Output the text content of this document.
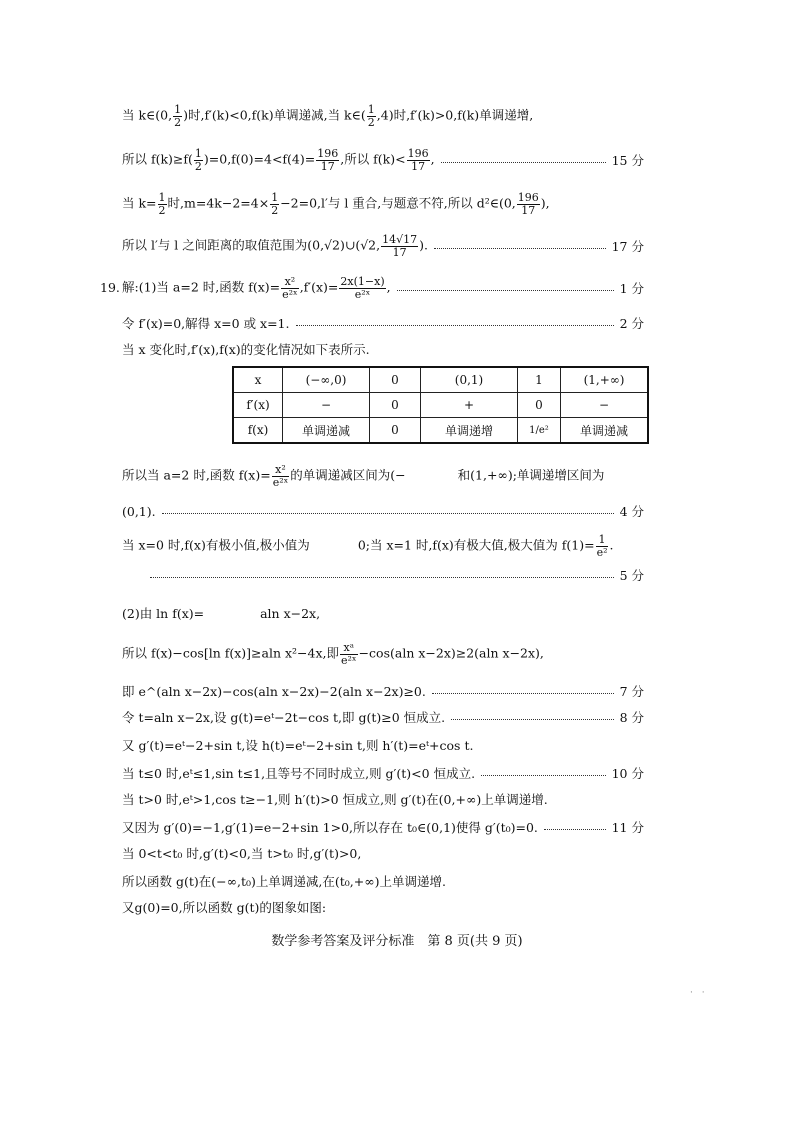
当 k∈(0, $\frac{1}{2}$ )时,f′(k)<0,f(k)单调递减,当 k∈( $\frac{1}{2} ,4$)时,f′(k)>0,f(k)单调递增,
所以 $f(k)\ge f( \frac{1}{2} )=0,f(0)=4<f(4)= \frac{196}{17}$ ,所以 $f(k)< \frac{196}{17}$ ,	15 分
当 $k= \frac{1}{2}$ 时$,m=4k-2=4\times \frac{1}{2} -2=0,l'$与 l 重合,与题意不符,所以 d²∈(0, $\frac{196}{17}$ ),
所以 l′与 l 之间距离的取值范围为(0,√2)∪(√2, $\frac{14√17}{17}$ ).	17 分
19. 解:(1)当 a=2 时,函数 $f(x)= \frac{\text{x²}}{\text{e²ˣ}} ,f'(x)= \frac{2x(1-x)}{\text{e²ˣ}}$ ,	1 分
令 f′(x)=0,解得 x=0 或 x=1.	2 分
当 x 变化时,f′(x),f(x)的变化情况如下表所示.
x	(−∞,0)	0	(0,1)	1	(1,+∞)
f′(x)	−	0	+	0	−
f(x)	单调递减	0	单调递增	1/e²	单调递减
所以当 a=2 时,函数 $f(x)= \frac{\text{x²}}{\text{e²ˣ}}$ 的单调递减区间为(−	和(1,+∞);单调递增区间为
(0,1).	4 分
当 x=0 时,f(x)有极小值,极小值为	0;当 x=1 时,f(x)有极大值,极大值为 $f(1)= \frac{1}{\text{e²}}$ .
5 分
(2)由 ln f(x)=	aln x−2x,
所以 f(x)−cos[ln f(x)]≥aln x²−4x,即 $\frac{\text{xᵃ}}{\text{e²ˣ}} -\cos(aln$ x−2x)≥2(aln x−2x),
即 e^(aln x−2x)−cos(aln x−2x)−2(aln x−2x)≥0.	7 分
令 t=aln x−2x,设 g(t)=eᵗ−2t−cos t,即 g(t)≥0 恒成立.	8 分
又 g′(t)=eᵗ−2+sin t,设 h(t)=eᵗ−2+sin t,则 h′(t)=eᵗ+cos t.
当 t≤0 时,eᵗ≤1,sin t≤1,且等号不同时成立,则 g′(t)<0 恒成立.	10 分
当 t>0 时,eᵗ>1,cos t≥−1,则 h′(t)>0 恒成立,则 g′(t)在(0,+∞)上单调递增.
又因为 g′(0)=−1,g′(1)=e−2+sin 1>0,所以存在 t₀∈(0,1)使得 g′(t₀)=0.	11 分
当 0<t<t₀ 时,g′(t)<0,当 t>t₀ 时,g′(t)>0,
所以函数 g(t)在(−∞,t₀)上单调递减,在(t₀,+∞)上单调递增.
又g(0)=0,所以函数 g(t)的图象如图:
数学参考答案及评分标准　第 8 页(共 9 页)
· ·
